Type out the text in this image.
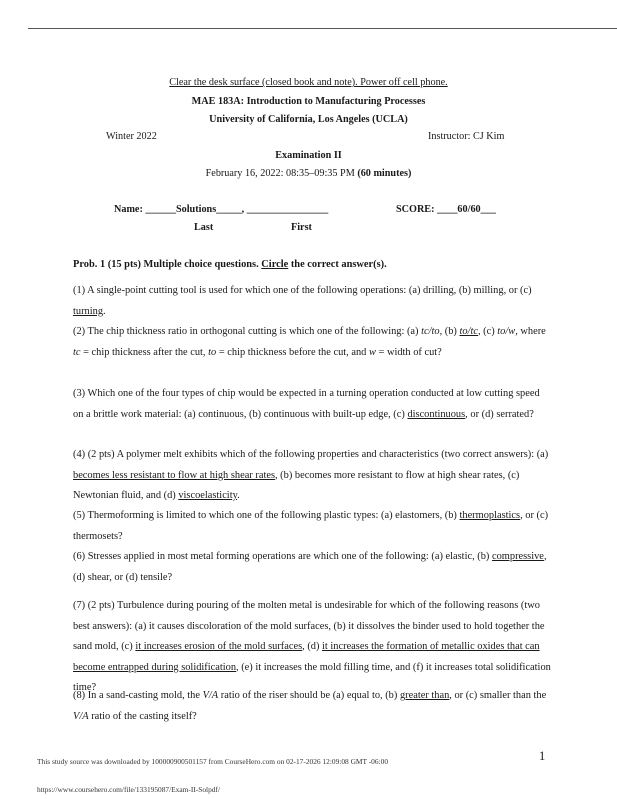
Clear the desk surface (closed book and note). Power off cell phone.
MAE 183A: Introduction to Manufacturing Processes
University of California, Los Angeles (UCLA)
Winter 2022	Instructor: CJ Kim
Examination II
February 16, 2022: 08:35–09:35 PM (60 minutes)
Name: ______Solutions_____, ________________	SCORE: ____60/60___
Last	First
Prob. 1 (15 pts) Multiple choice questions. Circle the correct answer(s).
(1) A single-point cutting tool is used for which one of the following operations: (a) drilling, (b) milling, or (c) turning.
(2) The chip thickness ratio in orthogonal cutting is which one of the following: (a) tc/to, (b) to/tc, (c) to/w, where tc = chip thickness after the cut, to = chip thickness before the cut, and w = width of cut?
(3) Which one of the four types of chip would be expected in a turning operation conducted at low cutting speed on a brittle work material: (a) continuous, (b) continuous with built-up edge, (c) discontinuous, or (d) serrated?
(4) (2 pts) A polymer melt exhibits which of the following properties and characteristics (two correct answers): (a) becomes less resistant to flow at high shear rates, (b) becomes more resistant to flow at high shear rates, (c) Newtonian fluid, and (d) viscoelasticity.
(5) Thermoforming is limited to which one of the following plastic types: (a) elastomers, (b) thermoplastics, or (c) thermosets?
(6) Stresses applied in most metal forming operations are which one of the following: (a) elastic, (b) compressive, (d) shear, or (d) tensile?
(7) (2 pts) Turbulence during pouring of the molten metal is undesirable for which of the following reasons (two best answers): (a) it causes discoloration of the mold surfaces, (b) it dissolves the binder used to hold together the sand mold, (c) it increases erosion of the mold surfaces, (d) it increases the formation of metallic oxides that can become entrapped during solidification, (e) it increases the mold filling time, and (f) it increases total solidification time?
(8) In a sand-casting mold, the V/A ratio of the riser should be (a) equal to, (b) greater than, or (c) smaller than the V/A ratio of the casting itself?
1
This study source was downloaded by 100000900501157 from CourseHero.com on 02-17-2026 12:09:08 GMT -06:00
https://www.coursehero.com/file/133195087/Exam-II-Solpdf/
